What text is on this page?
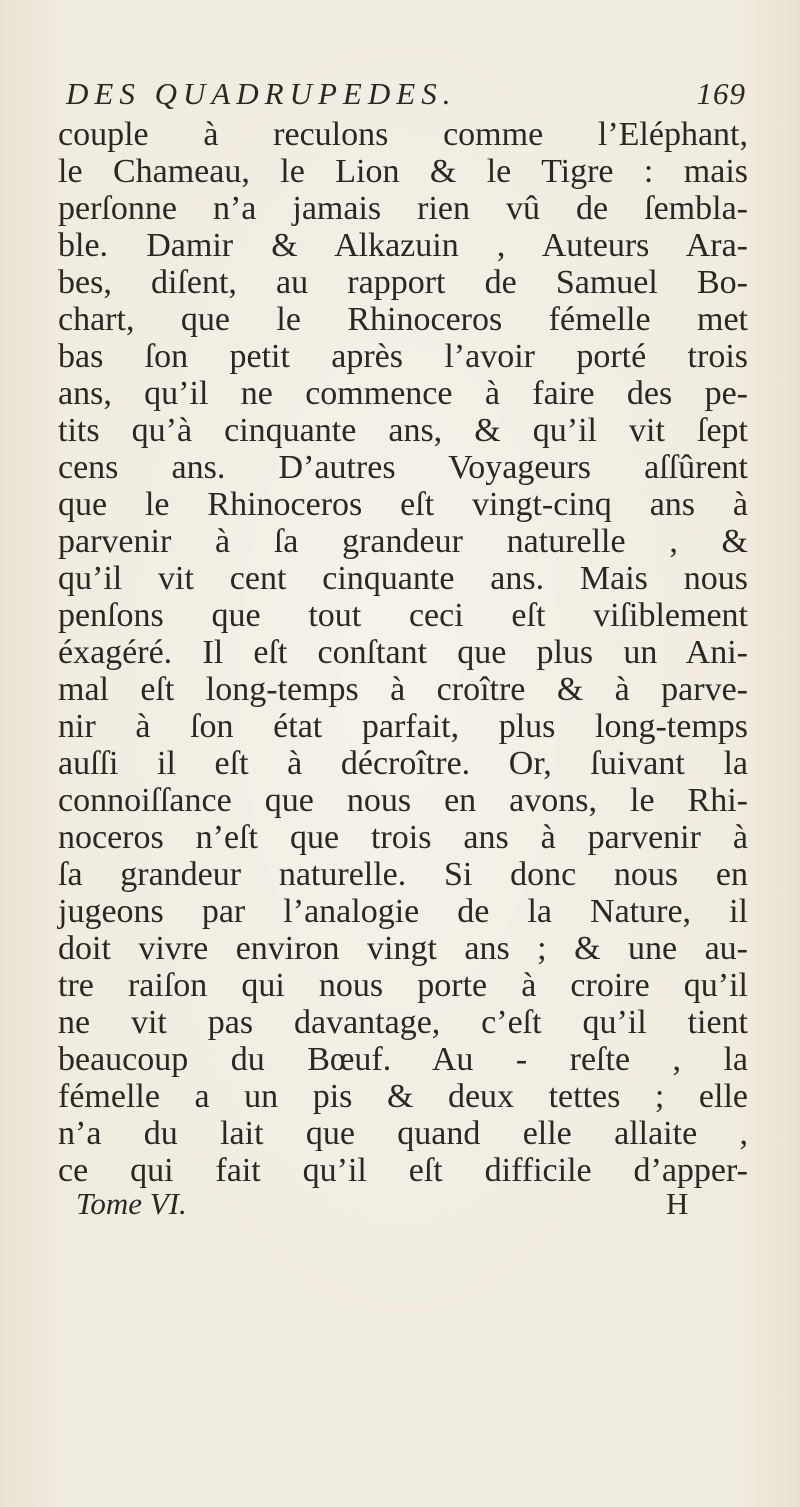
DES QUADRUPEDES.	169
couple à reculons comme l’Eléphant,
le Chameau, le Lion & le Tigre : mais
perſonne n’a jamais rien vû de ſembla-
ble. Damir & Alkazuin , Auteurs Ara-
bes, diſent, au rapport de Samuel Bo-
chart, que le Rhinoceros fémelle met
bas ſon petit après l’avoir porté trois
ans, qu’il ne commence à faire des pe-
tits qu’à cinquante ans, & qu’il vit ſept
cens ans. D’autres Voyageurs aſſûrent
que le Rhinoceros eſt vingt-cinq ans à
parvenir à ſa grandeur naturelle , &
qu’il vit cent cinquante ans. Mais nous
penſons que tout ceci eſt viſiblement
éxagéré. Il eſt conſtant que plus un Ani-
mal eſt long-temps à croître & à parve-
nir à ſon état parfait, plus long-temps
auſſi il eſt à décroître. Or, ſuivant la
connoiſſance que nous en avons, le Rhi-
noceros n’eſt que trois ans à parvenir à
ſa grandeur naturelle. Si donc nous en
jugeons par l’analogie de la Nature, il
doit vivre environ vingt ans ; & une au-
tre raiſon qui nous porte à croire qu’il
ne vit pas davantage, c’eſt qu’il tient
beaucoup du Bœuf. Au - reſte , la
fémelle a un pis & deux tettes ; elle
n’a du lait que quand elle allaite ,
ce qui fait qu’il eſt difficile d’apper-
Tome VI.	H
